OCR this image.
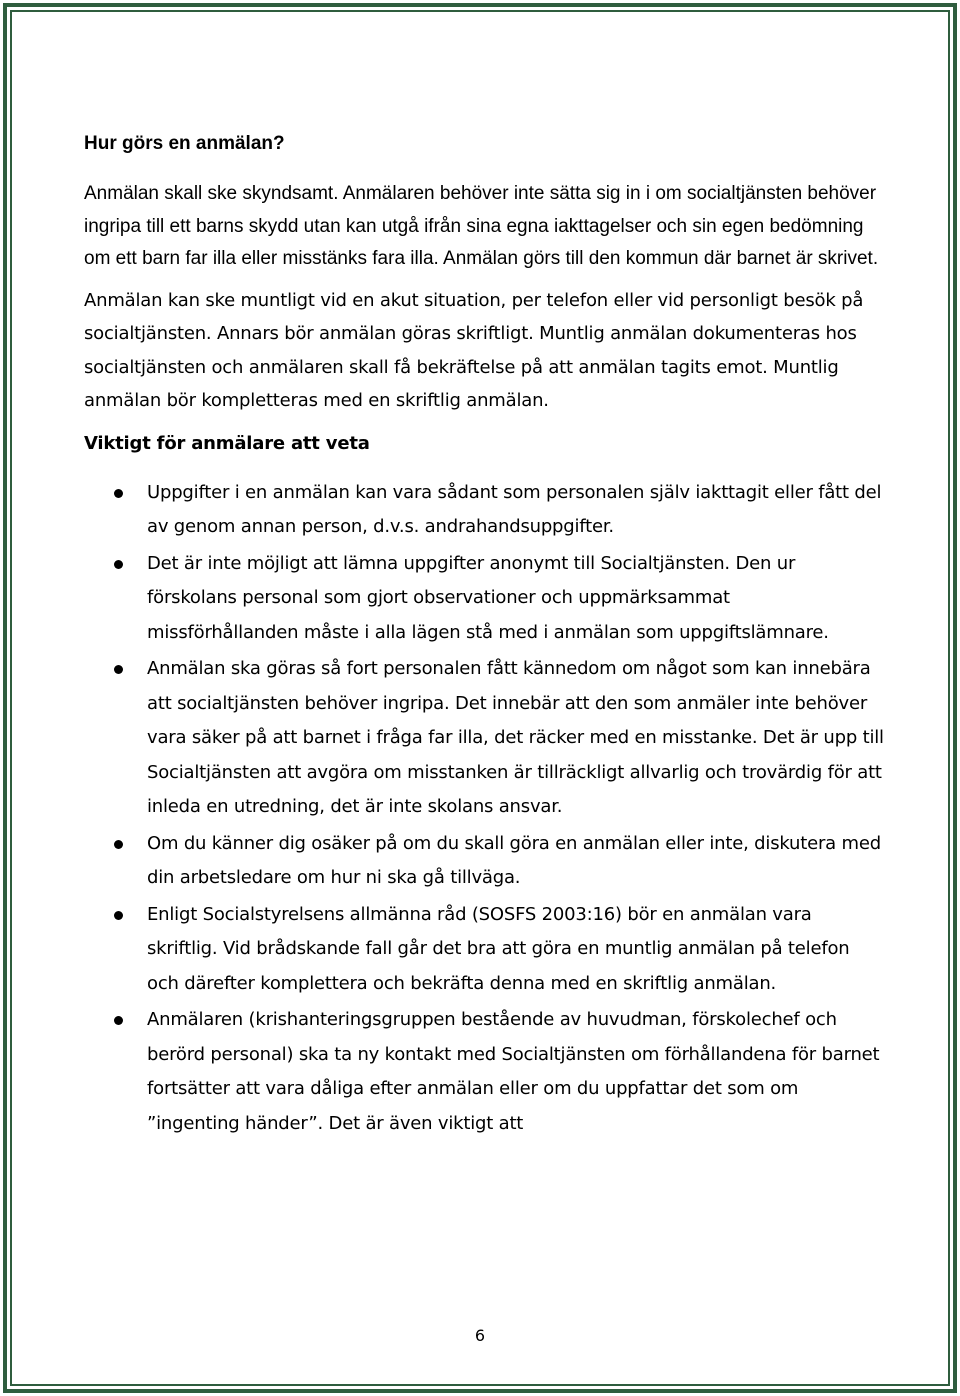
Hur görs en anmälan?

Anmälan skall ske skyndsamt. Anmälaren behöver inte sätta sig in i om socialtjänsten behöver ingripa till ett barns skydd utan kan utgå ifrån sina egna iakttagelser och sin egen bedömning om ett barn far illa eller misstänks fara illa. Anmälan görs till den kommun där barnet är skrivet.

Anmälan kan ske muntligt vid en akut situation, per telefon eller vid personligt besök på socialtjänsten. Annars bör anmälan göras skriftligt. Muntlig anmälan dokumenteras hos socialtjänsten och anmälaren skall få bekräftelse på att anmälan tagits emot. Muntlig anmälan bör kompletteras med en skriftlig anmälan.

Viktigt för anmälare att veta
Uppgifter i en anmälan kan vara sådant som personalen själv iakttagit eller fått del av genom annan person, d.v.s. andrahandsuppgifter.
Det är inte möjligt att lämna uppgifter anonymt till Socialtjänsten. Den ur förskolans personal som gjort observationer och uppmärksammat missförhållanden måste i alla lägen stå med i anmälan som uppgiftslämnare.
Anmälan ska göras så fort personalen fått kännedom om något som kan innebära att socialtjänsten behöver ingripa. Det innebär att den som anmäler inte behöver vara säker på att barnet i fråga far illa, det räcker med en misstanke. Det är upp till Socialtjänsten att avgöra om misstanken är tillräckligt allvarlig och trovärdig för att inleda en utredning, det är inte skolans ansvar.
Om du känner dig osäker på om du skall göra en anmälan eller inte, diskutera med din arbetsledare om hur ni ska gå tillväga.
Enligt Socialstyrelsens allmänna råd (SOSFS 2003:16) bör en anmälan vara skriftlig. Vid brådskande fall går det bra att göra en muntlig anmälan på telefon och därefter komplettera och bekräfta denna med en skriftlig anmälan.
Anmälaren (krishanteringsgruppen bestående av huvudman, förskolechef och berörd personal) ska ta ny kontakt med Socialtjänsten om förhållandena för barnet fortsätter att vara dåliga efter anmälan eller om du uppfattar det som om ”ingenting händer”. Det är även viktigt att
6
